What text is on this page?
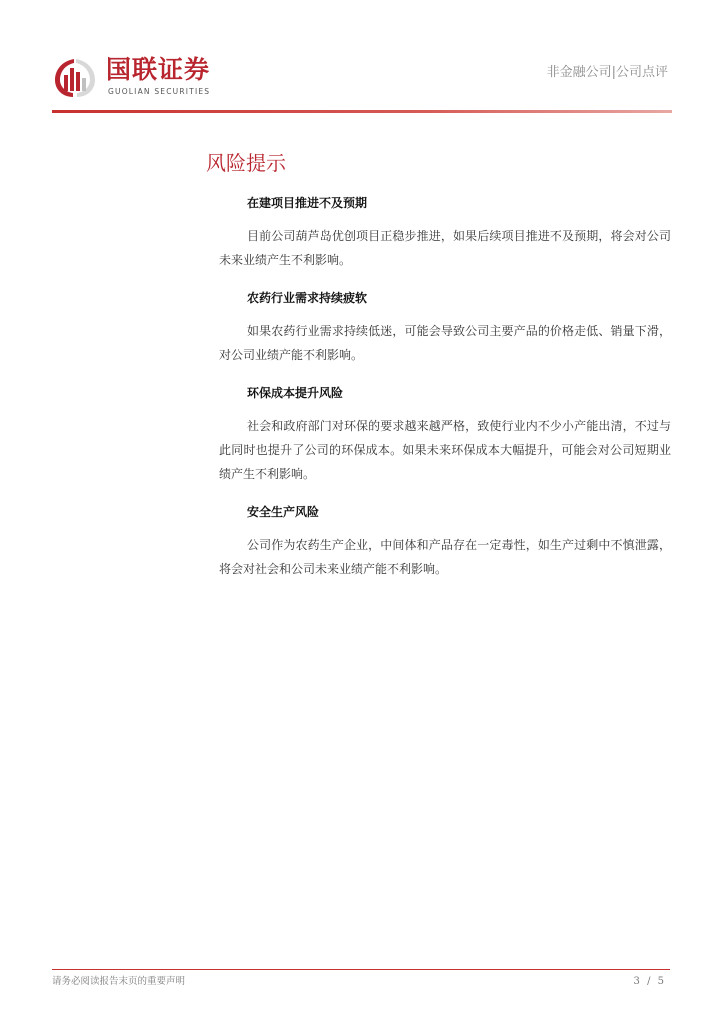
国联证券
GUOLIAN SECURITIES
非金融公司|公司点评
风险提示

在建项目推进不及预期

目前公司葫芦岛优创项目正稳步推进，如果后续项目推进不及预期，将会对公司未来业绩产生不利影响。

农药行业需求持续疲软

如果农药行业需求持续低迷，可能会导致公司主要产品的价格走低、销量下滑，对公司业绩产能不利影响。

环保成本提升风险

社会和政府部门对环保的要求越来越严格，致使行业内不少小产能出清，不过与此同时也提升了公司的环保成本。如果未来环保成本大幅提升，可能会对公司短期业绩产生不利影响。

安全生产风险

公司作为农药生产企业，中间体和产品存在一定毒性，如生产过剩中不慎泄露，将会对社会和公司未来业绩产能不利影响。

请务必阅读报告末页的重要声明	3 / 5
